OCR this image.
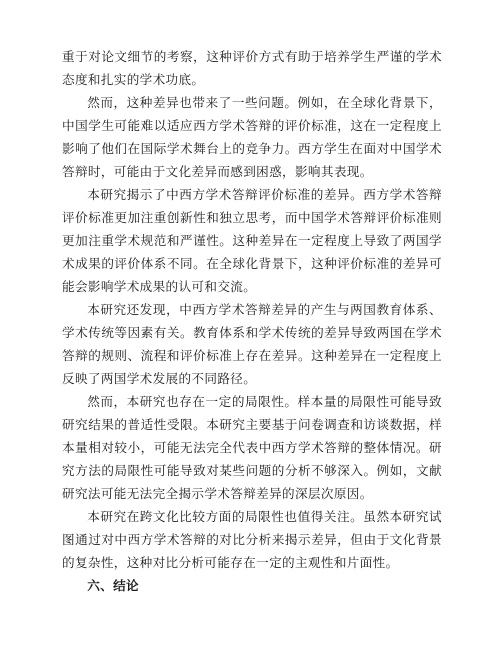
重于对论文细节的考察，这种评价方式有助于培养学生严谨的学术态度和扎实的学术功底。

然而，这种差异也带来了一些问题。例如，在全球化背景下，中国学生可能难以适应西方学术答辩的评价标准，这在一定程度上影响了他们在国际学术舞台上的竞争力。西方学生在面对中国学术答辩时，可能由于文化差异而感到困惑，影响其表现。

本研究揭示了中西方学术答辩评价标准的差异。西方学术答辩评价标准更加注重创新性和独立思考，而中国学术答辩评价标准则更加注重学术规范和严谨性。这种差异在一定程度上导致了两国学术成果的评价体系不同。在全球化背景下，这种评价标准的差异可能会影响学术成果的认可和交流。

本研究还发现，中西方学术答辩差异的产生与两国教育体系、学术传统等因素有关。教育体系和学术传统的差异导致两国在学术答辩的规则、流程和评价标准上存在差异。这种差异在一定程度上反映了两国学术发展的不同路径。

然而，本研究也存在一定的局限性。样本量的局限性可能导致研究结果的普适性受限。本研究主要基于问卷调查和访谈数据，样本量相对较小，可能无法完全代表中西方学术答辩的整体情况。研究方法的局限性可能导致对某些问题的分析不够深入。例如，文献研究法可能无法完全揭示学术答辩差异的深层次原因。

本研究在跨文化比较方面的局限性也值得关注。虽然本研究试图通过对中西方学术答辩的对比分析来揭示差异，但由于文化背景的复杂性，这种对比分析可能存在一定的主观性和片面性。

六、结论
